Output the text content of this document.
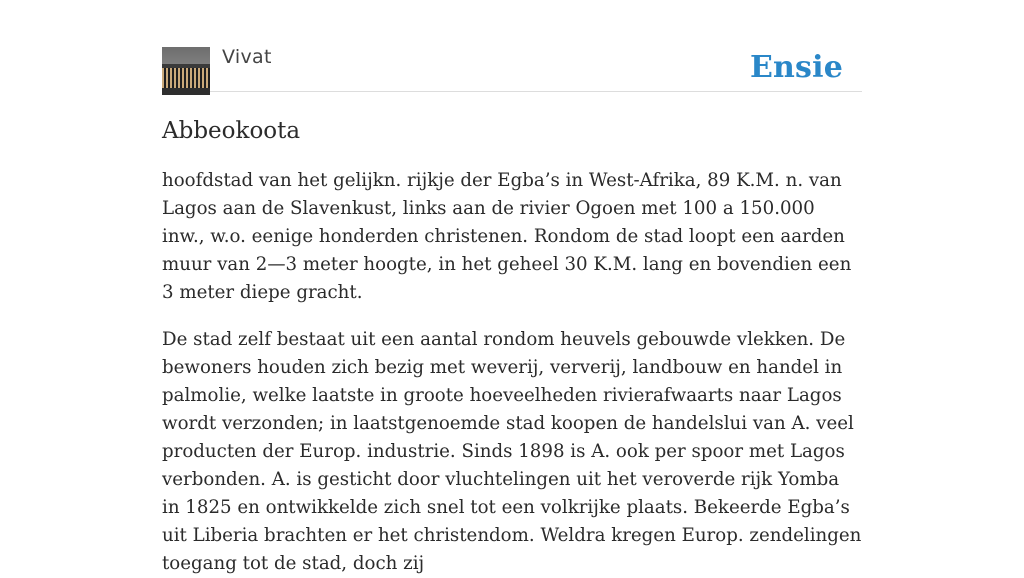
Vivat	Ensie
Abbeokoota

hoofdstad van het gelijkn. rijkje der Egba’s in West-Afrika, 89 K.M. n. van Lagos aan de Slavenkust, links aan de rivier Ogoen met 100 a 150.000 inw., w.o. eenige honderden christenen. Rondom de stad loopt een aarden muur van 2—3 meter hoogte, in het geheel 30 K.M. lang en bovendien een 3 meter diepe gracht.

De stad zelf bestaat uit een aantal rondom heuvels gebouwde vlekken. De bewoners houden zich bezig met weverij, ververij, landbouw en handel in palmolie, welke laatste in groote hoeveelheden rivierafwaarts naar Lagos wordt verzonden; in laatstgenoemde stad koopen de handelslui van A. veel producten der Europ. industrie. Sinds 1898 is A. ook per spoor met Lagos verbonden. A. is gesticht door vluchtelingen uit het veroverde rijk Yomba in 1825 en ontwikkelde zich snel tot een volkrijke plaats. Bekeerde Egba’s uit Liberia brachten er het christendom. Weldra kregen Europ. zendelingen toegang tot de stad, doch zij
